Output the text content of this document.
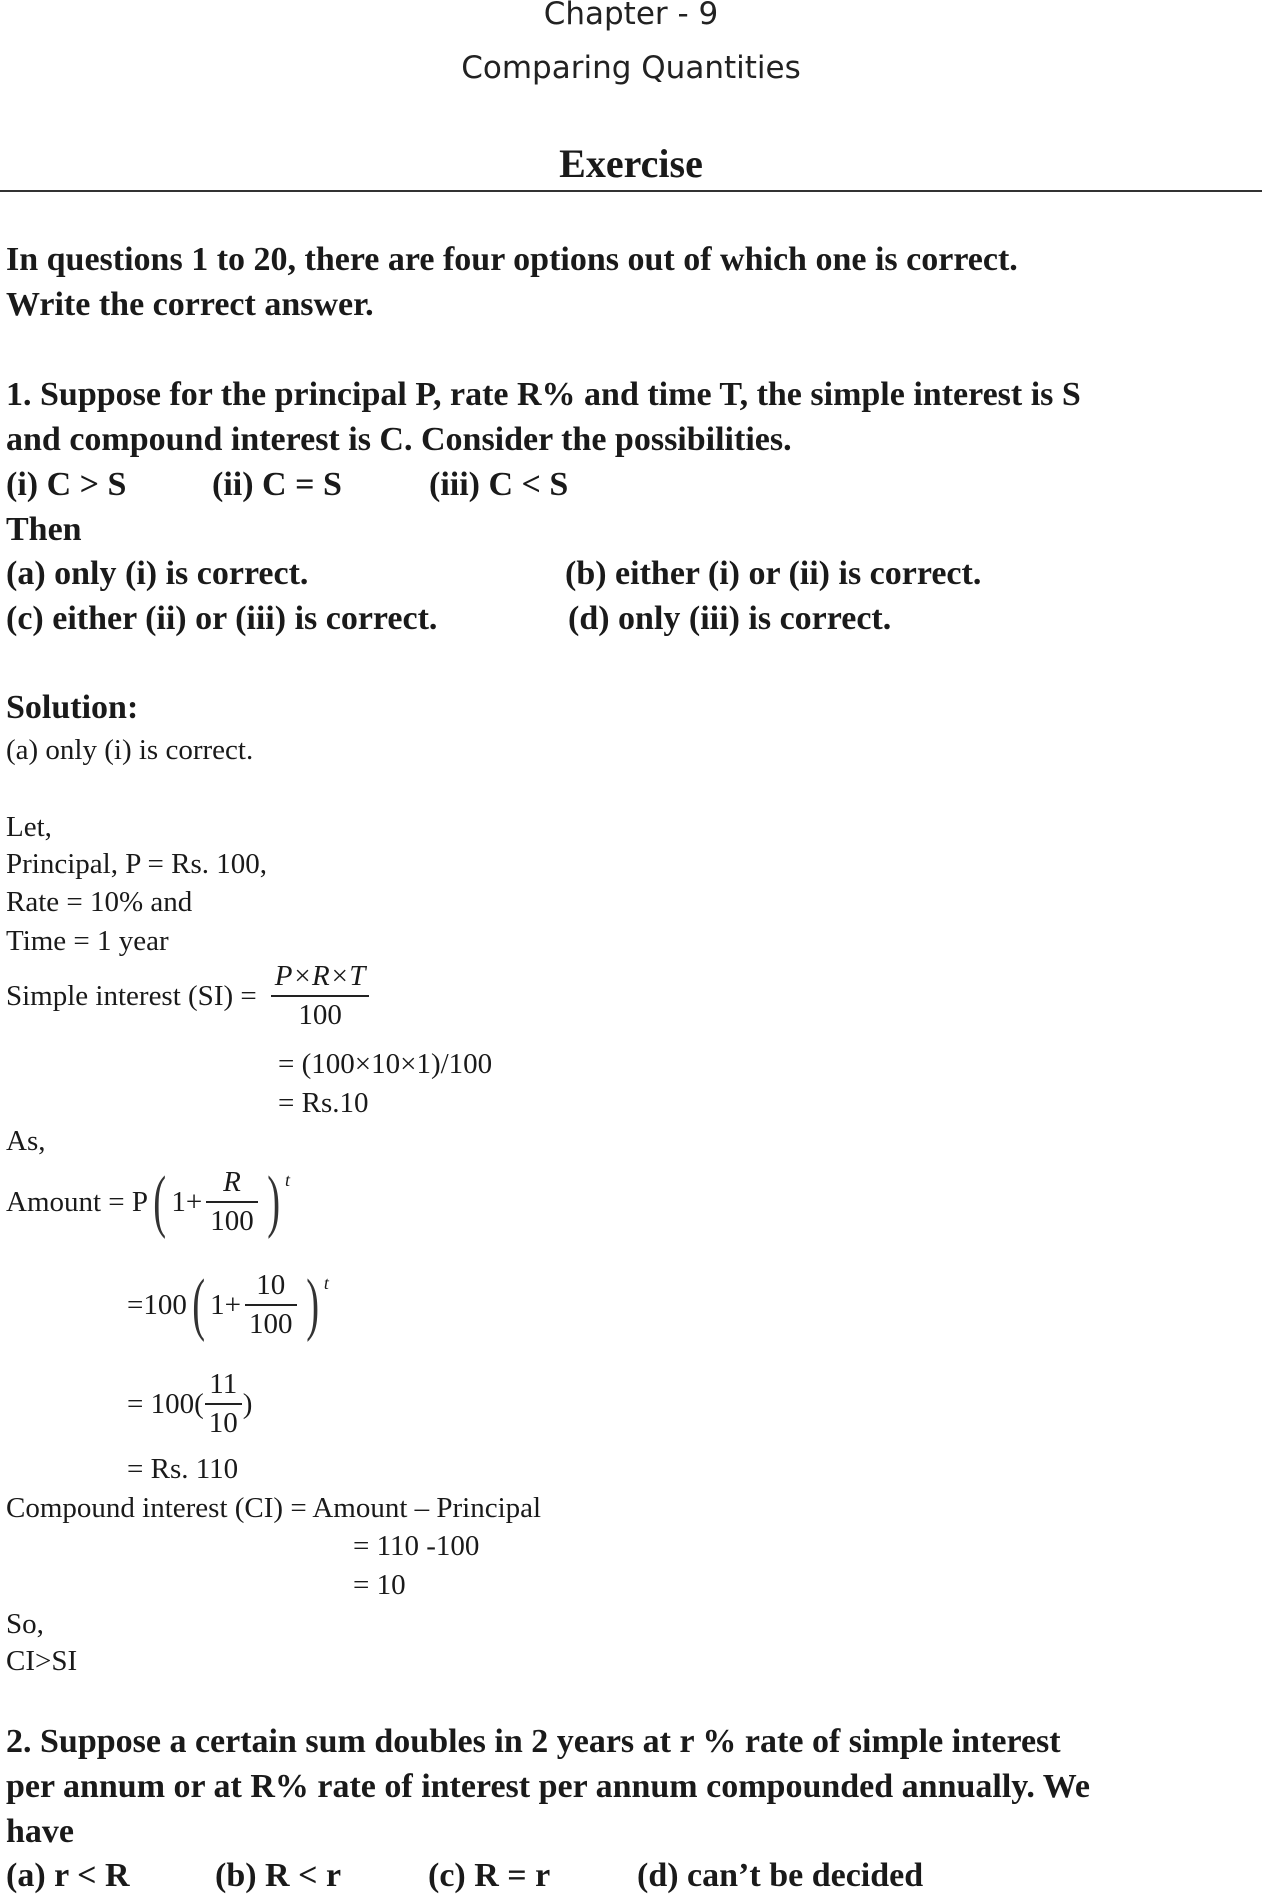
Chapter - 9
Comparing Quantities
Exercise
In questions 1 to 20, there are four options out of which one is correct.
Write the correct answer.
1. Suppose for the principal P, rate R% and time T, the simple interest is S
and compound interest is C. Consider the possibilities.
(i) C > S	(ii) C = S	(iii) C < S
Then
(a) only (i) is correct.	(b) either (i) or (ii) is correct.
(c) either (ii) or (iii) is correct.	(d) only (iii) is correct.
Solution:
(a) only (i) is correct.
Let,
Principal, P = Rs. 100,
Rate = 10% and
Time = 1 year
Simple interest $(SI) = \frac{P\times R\times T}{100}$
= (100×10×1)/100
= Rs.10
As,
Amount = P ( $1+ \frac{R}{100}$ ) t
=100 ( $1+ \frac{10}{100}$ ) t
= $100( \frac{11}{10}$ )
= Rs. 110
Compound interest (CI) = Amount – Principal
= 110 -100
= 10
So,
CI>SI
2. Suppose a certain sum doubles in 2 years at r % rate of simple interest
per annum or at R% rate of interest per annum compounded annually. We
have
(a) r < R	(b) R < r	(c) R = r	(d) can’t be decided
